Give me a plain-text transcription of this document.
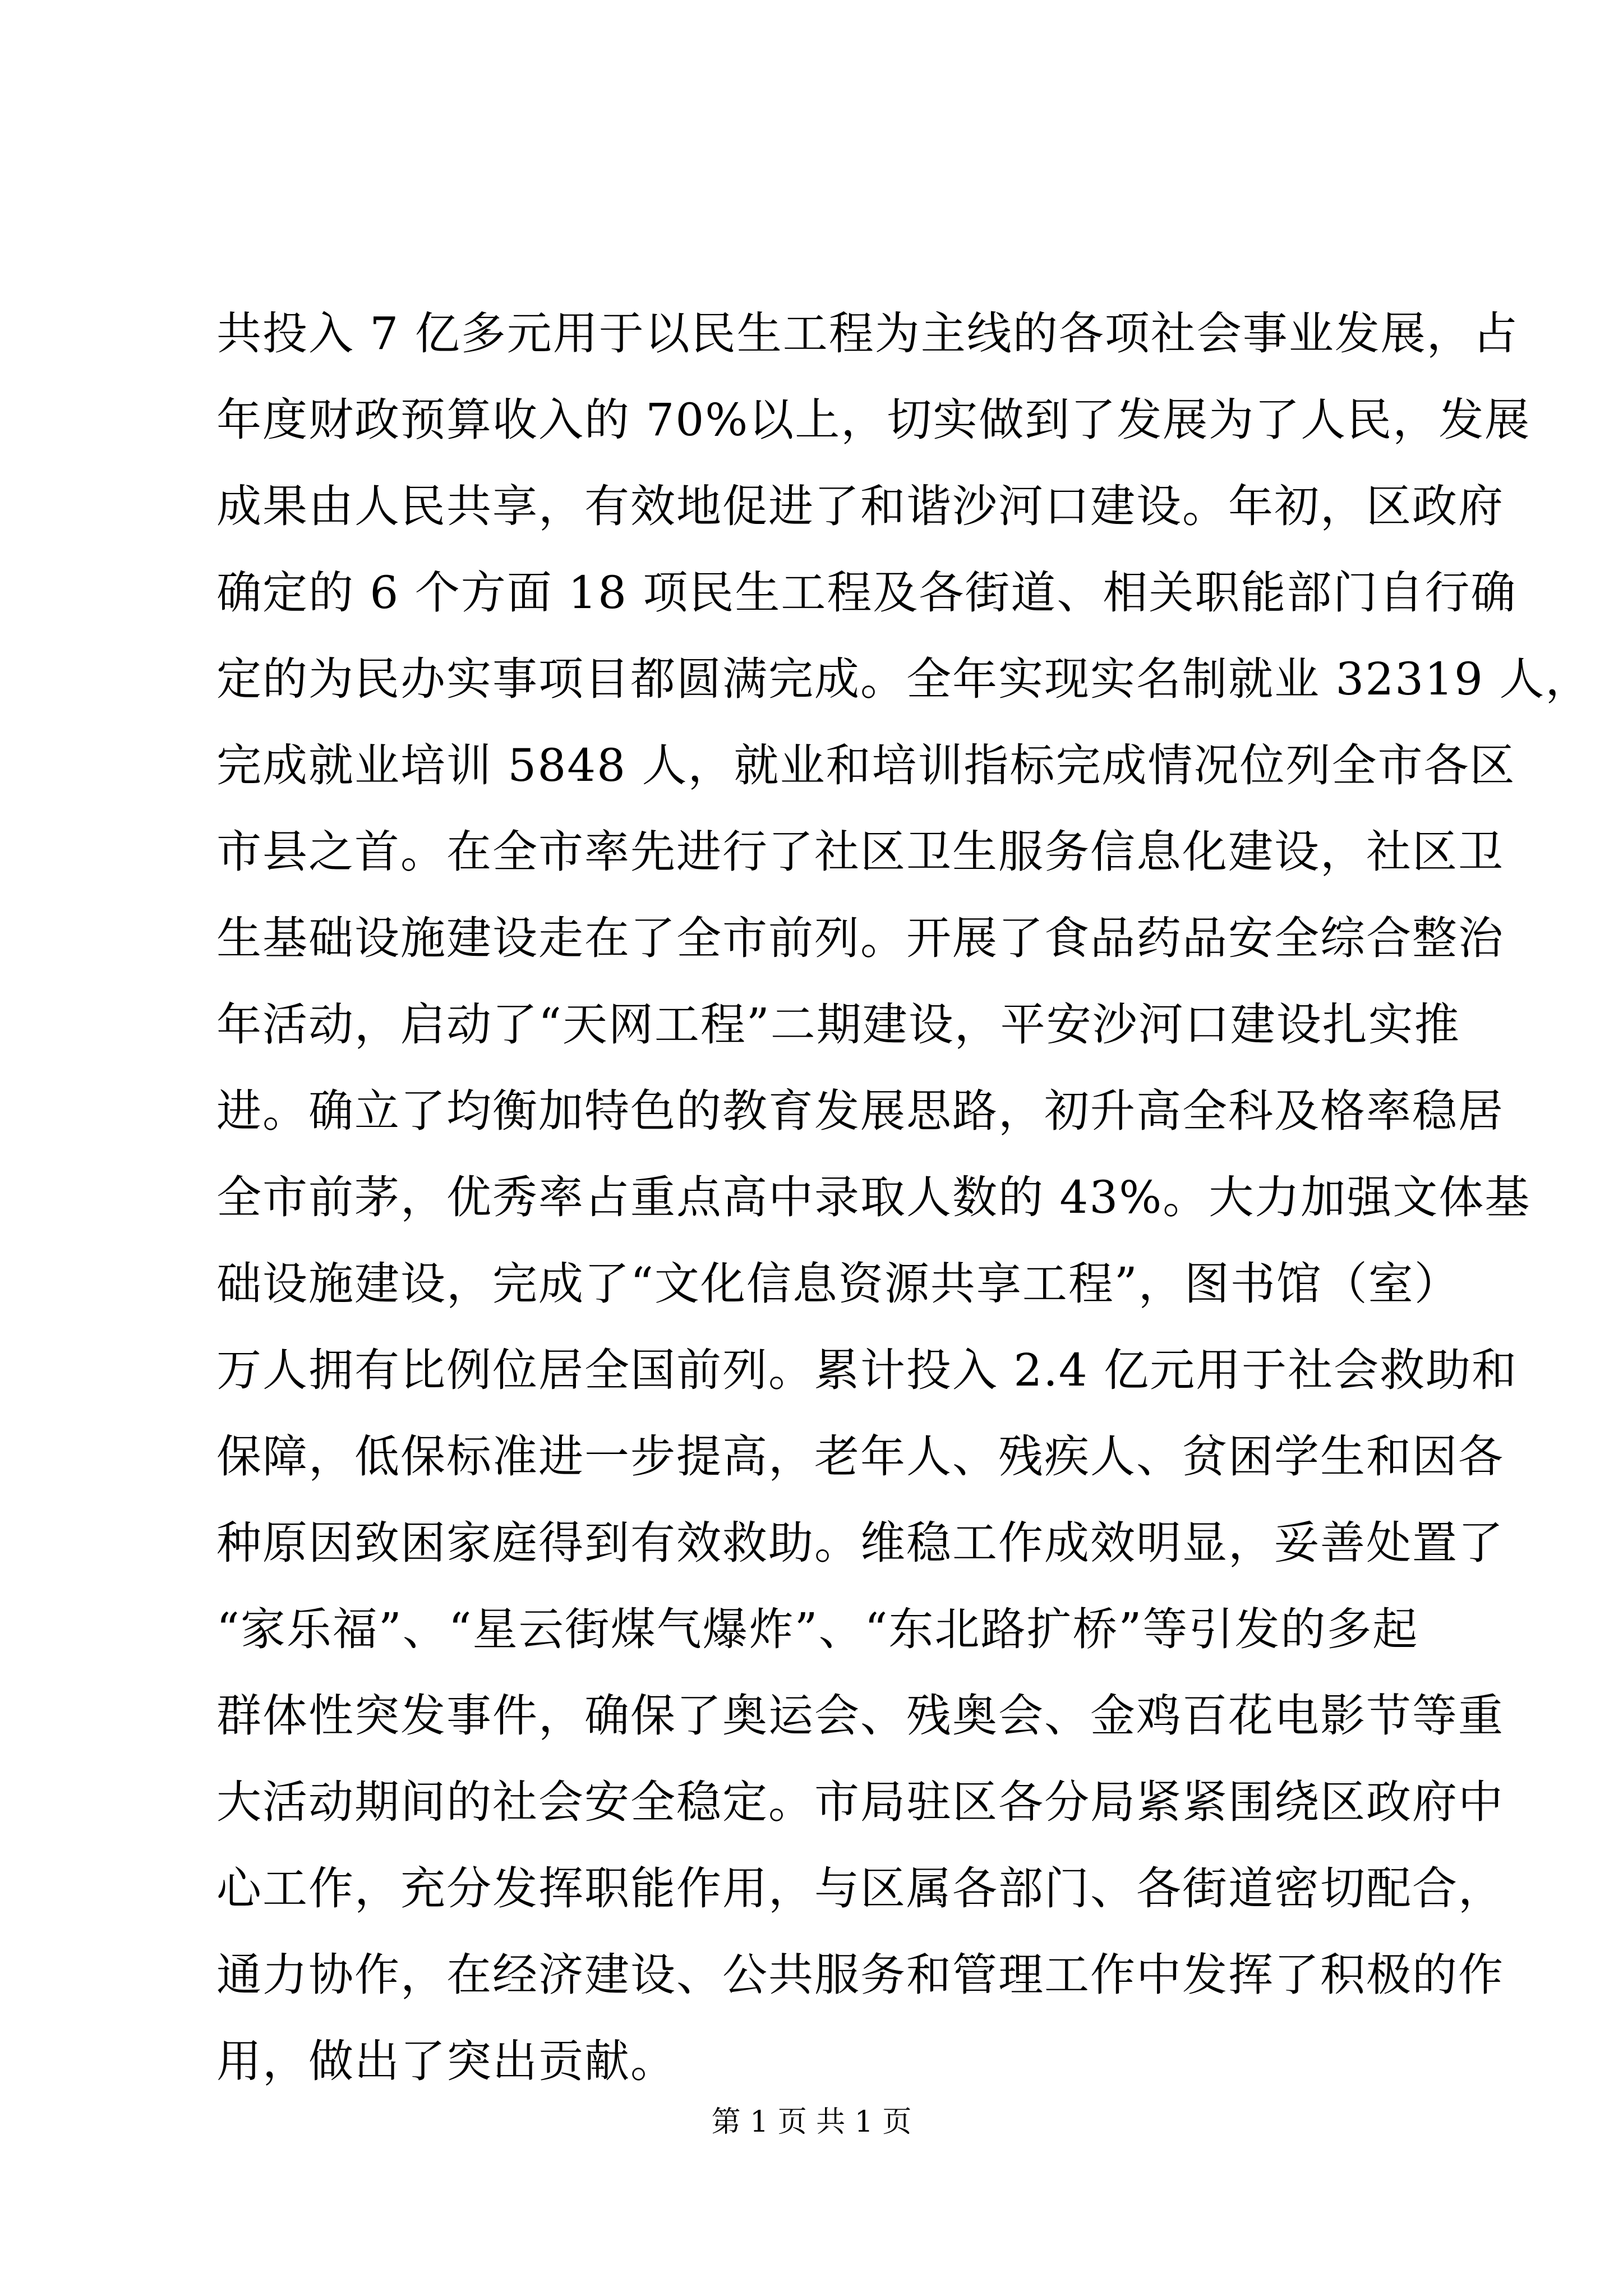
共投入 7 亿多元用于以民生工程为主线的各项社会事业发展，占
年度财政预算收入的 70%以上，切实做到了发展为了人民，发展
成果由人民共享，有效地促进了和谐沙河口建设。年初，区政府
确定的 6 个方面 18 项民生工程及各街道、相关职能部门自行确
定的为民办实事项目都圆满完成。全年实现实名制就业 32319 人，
完成就业培训 5848 人，就业和培训指标完成情况位列全市各区
市县之首。在全市率先进行了社区卫生服务信息化建设，社区卫
生基础设施建设走在了全市前列。开展了食品药品安全综合整治
年活动，启动了“天网工程”二期建设，平安沙河口建设扎实推
进。确立了均衡加特色的教育发展思路，初升高全科及格率稳居
全市前茅，优秀率占重点高中录取人数的 43%。大力加强文体基
础设施建设，完成了“文化信息资源共享工程”，图书馆（室）
万人拥有比例位居全国前列。累计投入 2.4 亿元用于社会救助和
保障，低保标准进一步提高，老年人、残疾人、贫困学生和因各
种原因致困家庭得到有效救助。维稳工作成效明显，妥善处置了
“家乐福”、“星云街煤气爆炸”、“东北路扩桥”等引发的多起
群体性突发事件，确保了奥运会、残奥会、金鸡百花电影节等重
大活动期间的社会安全稳定。市局驻区各分局紧紧围绕区政府中
心工作，充分发挥职能作用，与区属各部门、各街道密切配合，
通力协作，在经济建设、公共服务和管理工作中发挥了积极的作
用，做出了突出贡献。
第 1 页 共 1 页
